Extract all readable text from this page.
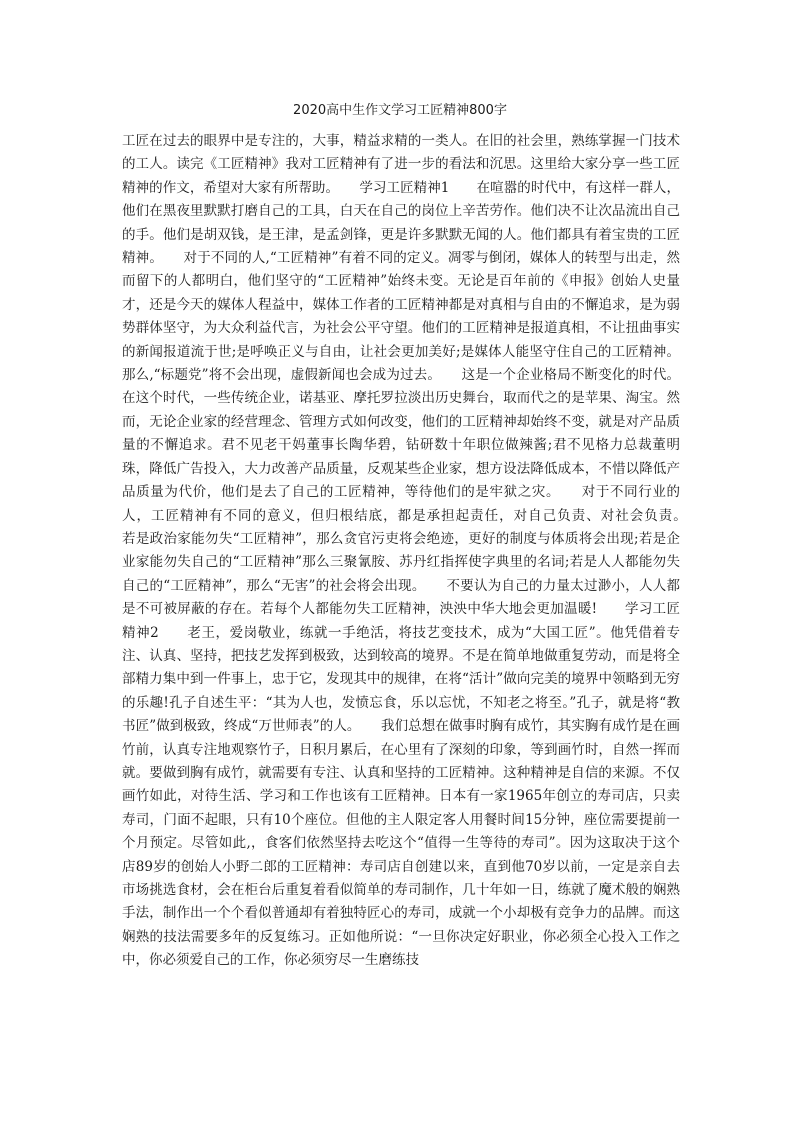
2020高中生作文学习工匠精神800字

工匠在过去的眼界中是专注的，大事，精益求精的一类人。在旧的社会里，熟练掌握一门技术的工人。读完《工匠精神》我对工匠精神有了进一步的看法和沉思。这里给大家分享一些工匠精神的作文，希望对大家有所帮助。　　学习工匠精神1　　在喧嚣的时代中，有这样一群人，他们在黑夜里默默打磨自己的工具，白天在自己的岗位上辛苦劳作。他们决不让次品流出自己的手。他们是胡双钱，是王津，是孟剑锋，更是许多默默无闻的人。他们都具有着宝贵的工匠精神。　　对于不同的人,“工匠精神”有着不同的定义。凋零与倒闭，媒体人的转型与出走，然而留下的人都明白，他们坚守的“工匠精神”始终未变。无论是百年前的《申报》创始人史量才，还是今天的媒体人程益中，媒体工作者的工匠精神都是对真相与自由的不懈追求，是为弱势群体坚守，为大众利益代言，为社会公平守望。他们的工匠精神是报道真相，不让扭曲事实的新闻报道流于世;是呼唤正义与自由，让社会更加美好;是媒体人能坚守住自己的工匠精神。那么,“标题党”将不会出现，虚假新闻也会成为过去。　　这是一个企业格局不断变化的时代。在这个时代，一些传统企业，诺基亚、摩托罗拉淡出历史舞台，取而代之的是苹果、淘宝。然而，无论企业家的经营理念、管理方式如何改变，他们的工匠精神却始终不变，就是对产品质量的不懈追求。君不见老干妈董事长陶华碧，钻研数十年职位做辣酱;君不见格力总裁董明珠，降低广告投入，大力改善产品质量，反观某些企业家，想方设法降低成本，不惜以降低产品质量为代价，他们是去了自己的工匠精神，等待他们的是牢狱之灾。　　对于不同行业的人，工匠精神有不同的意义，但归根结底，都是承担起责任，对自己负责、对社会负责。　　若是政治家能勿失“工匠精神”，那么贪官污吏将会绝迹，更好的制度与体质将会出现;若是企业家能勿失自己的“工匠精神”那么三聚氰胺、苏丹红指挥使字典里的名词;若是人人都能勿失自己的“工匠精神”，那么“无害”的社会将会出现。　　不要认为自己的力量太过渺小，人人都是不可被屏蔽的存在。若每个人都能勿失工匠精神，泱泱中华大地会更加温暖!　　学习工匠精神2　　老王，爱岗敬业，练就一手绝活，将技艺变技术，成为“大国工匠”。他凭借着专注、认真、坚持，把技艺发挥到极致，达到较高的境界。不是在简单地做重复劳动，而是将全部精力集中到一件事上，忠于它，发现其中的规律，在将“活计”做向完美的境界中领略到无穷的乐趣!孔子自述生平：“其为人也，发愤忘食，乐以忘忧，不知老之将至。”孔子，就是将“教书匠”做到极致，终成“万世师表”的人。　　我们总想在做事时胸有成竹，其实胸有成竹是在画竹前，认真专注地观察竹子，日积月累后，在心里有了深刻的印象，等到画竹时，自然一挥而就。要做到胸有成竹，就需要有专注、认真和坚持的工匠精神。这种精神是自信的来源。不仅画竹如此，对待生活、学习和工作也该有工匠精神。日本有一家1965年创立的寿司店，只卖寿司，门面不起眼，只有10个座位。但他的主人限定客人用餐时间15分钟，座位需要提前一个月预定。尽管如此,，食客们依然坚持去吃这个“值得一生等待的寿司”。因为这取决于这个店89岁的创始人小野二郎的工匠精神：寿司店自创建以来，直到他70岁以前，一定是亲自去市场挑选食材，会在柜台后重复着看似简单的寿司制作，几十年如一日，练就了魔术般的娴熟手法，制作出一个个看似普通却有着独特匠心的寿司，成就一个小却极有竞争力的品牌。而这娴熟的技法需要多年的反复练习。正如他所说：“一旦你决定好职业，你必须全心投入工作之中，你必须爱自己的工作，你必须穷尽一生磨练技
